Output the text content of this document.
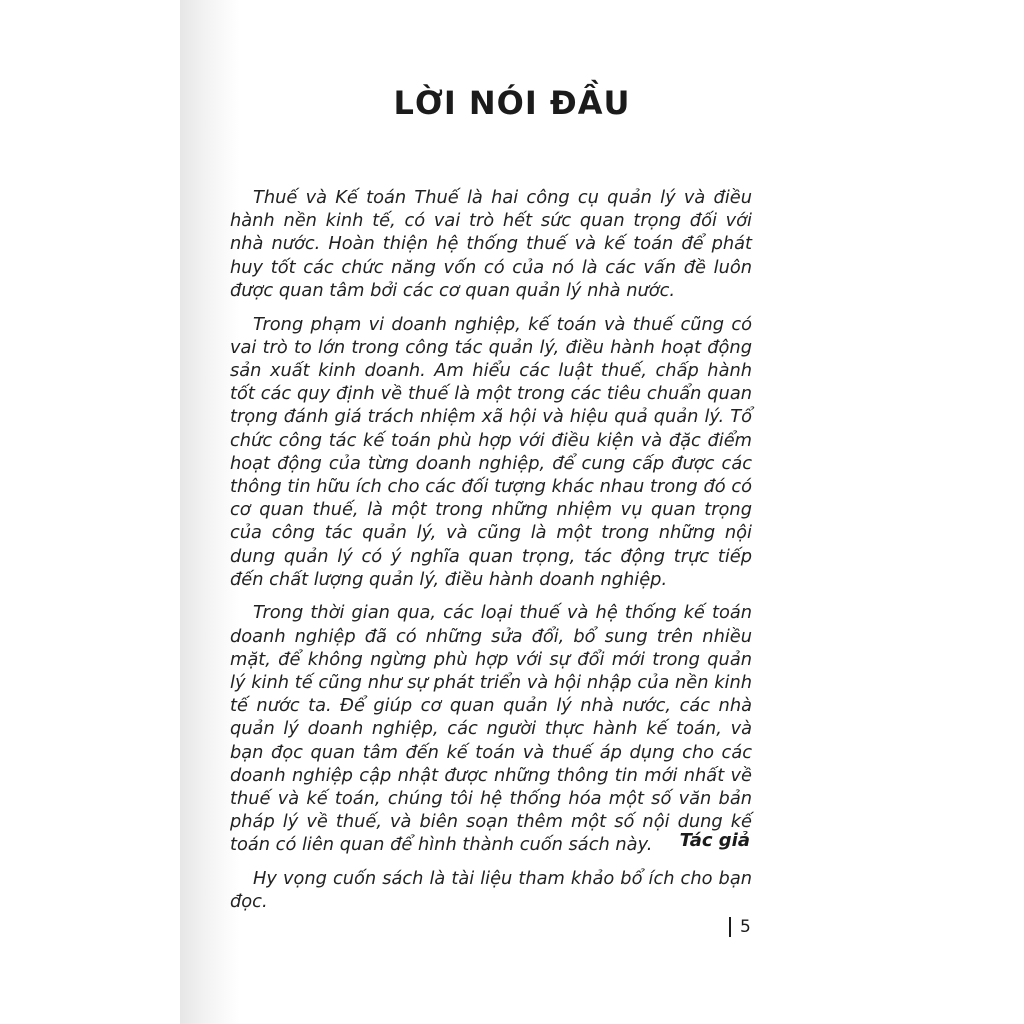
LỜI NÓI ĐẦU

Thuế và Kế toán Thuế là hai công cụ quản lý và điều hành nền kinh tế, có vai trò hết sức quan trọng đối với nhà nước. Hoàn thiện hệ thống thuế và kế toán để phát huy tốt các chức năng vốn có của nó là các vấn đề luôn được quan tâm bởi các cơ quan quản lý nhà nước.

Trong phạm vi doanh nghiệp, kế toán và thuế cũng có vai trò to lớn trong công tác quản lý, điều hành hoạt động sản xuất kinh doanh. Am hiểu các luật thuế, chấp hành tốt các quy định về thuế là một trong các tiêu chuẩn quan trọng đánh giá trách nhiệm xã hội và hiệu quả quản lý. Tổ chức công tác kế toán phù hợp với điều kiện và đặc điểm hoạt động của từng doanh nghiệp, để cung cấp được các thông tin hữu ích cho các đối tượng khác nhau trong đó có cơ quan thuế, là một trong những nhiệm vụ quan trọng của công tác quản lý, và cũng là một trong những nội dung quản lý có ý nghĩa quan trọng, tác động trực tiếp đến chất lượng quản lý, điều hành doanh nghiệp.

Trong thời gian qua, các loại thuế và hệ thống kế toán doanh nghiệp đã có những sửa đổi, bổ sung trên nhiều mặt, để không ngừng phù hợp với sự đổi mới trong quản lý kinh tế cũng như sự phát triển và hội nhập của nền kinh tế nước ta. Để giúp cơ quan quản lý nhà nước, các nhà quản lý doanh nghiệp, các người thực hành kế toán, và bạn đọc quan tâm đến kế toán và thuế áp dụng cho các doanh nghiệp cập nhật được những thông tin mới nhất về thuế và kế toán, chúng tôi hệ thống hóa một số văn bản pháp lý về thuế, và biên soạn thêm một số nội dung kế toán có liên quan để hình thành cuốn sách này.

Hy vọng cuốn sách là tài liệu tham khảo bổ ích cho bạn đọc.

Tác giả
5
